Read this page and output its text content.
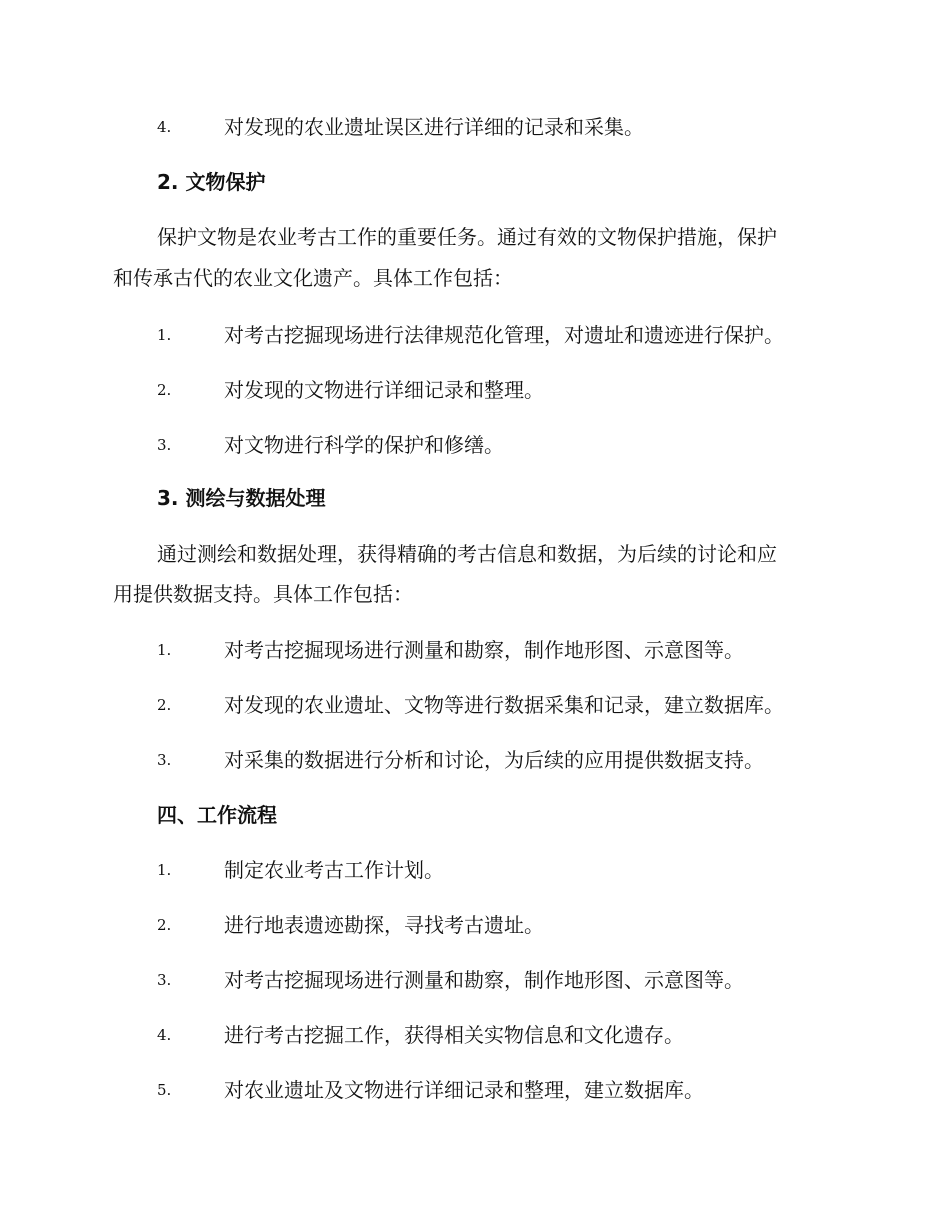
4.	对发现的农业遗址误区进行详细的记录和采集。
2. 文物保护
保护文物是农业考古工作的重要任务。通过有效的文物保护措施，保护
和传承古代的农业文化遗产。具体工作包括：
1.	对考古挖掘现场进行法律规范化管理，对遗址和遗迹进行保护。
2.	对发现的文物进行详细记录和整理。
3.	对文物进行科学的保护和修缮。
3. 测绘与数据处理
通过测绘和数据处理，获得精确的考古信息和数据，为后续的讨论和应
用提供数据支持。具体工作包括：
1.	对考古挖掘现场进行测量和勘察，制作地形图、示意图等。
2.	对发现的农业遗址、文物等进行数据采集和记录，建立数据库。
3.	对采集的数据进行分析和讨论，为后续的应用提供数据支持。
四、工作流程
1.	制定农业考古工作计划。
2.	进行地表遗迹勘探，寻找考古遗址。
3.	对考古挖掘现场进行测量和勘察，制作地形图、示意图等。
4.	进行考古挖掘工作，获得相关实物信息和文化遗存。
5.	对农业遗址及文物进行详细记录和整理，建立数据库。
